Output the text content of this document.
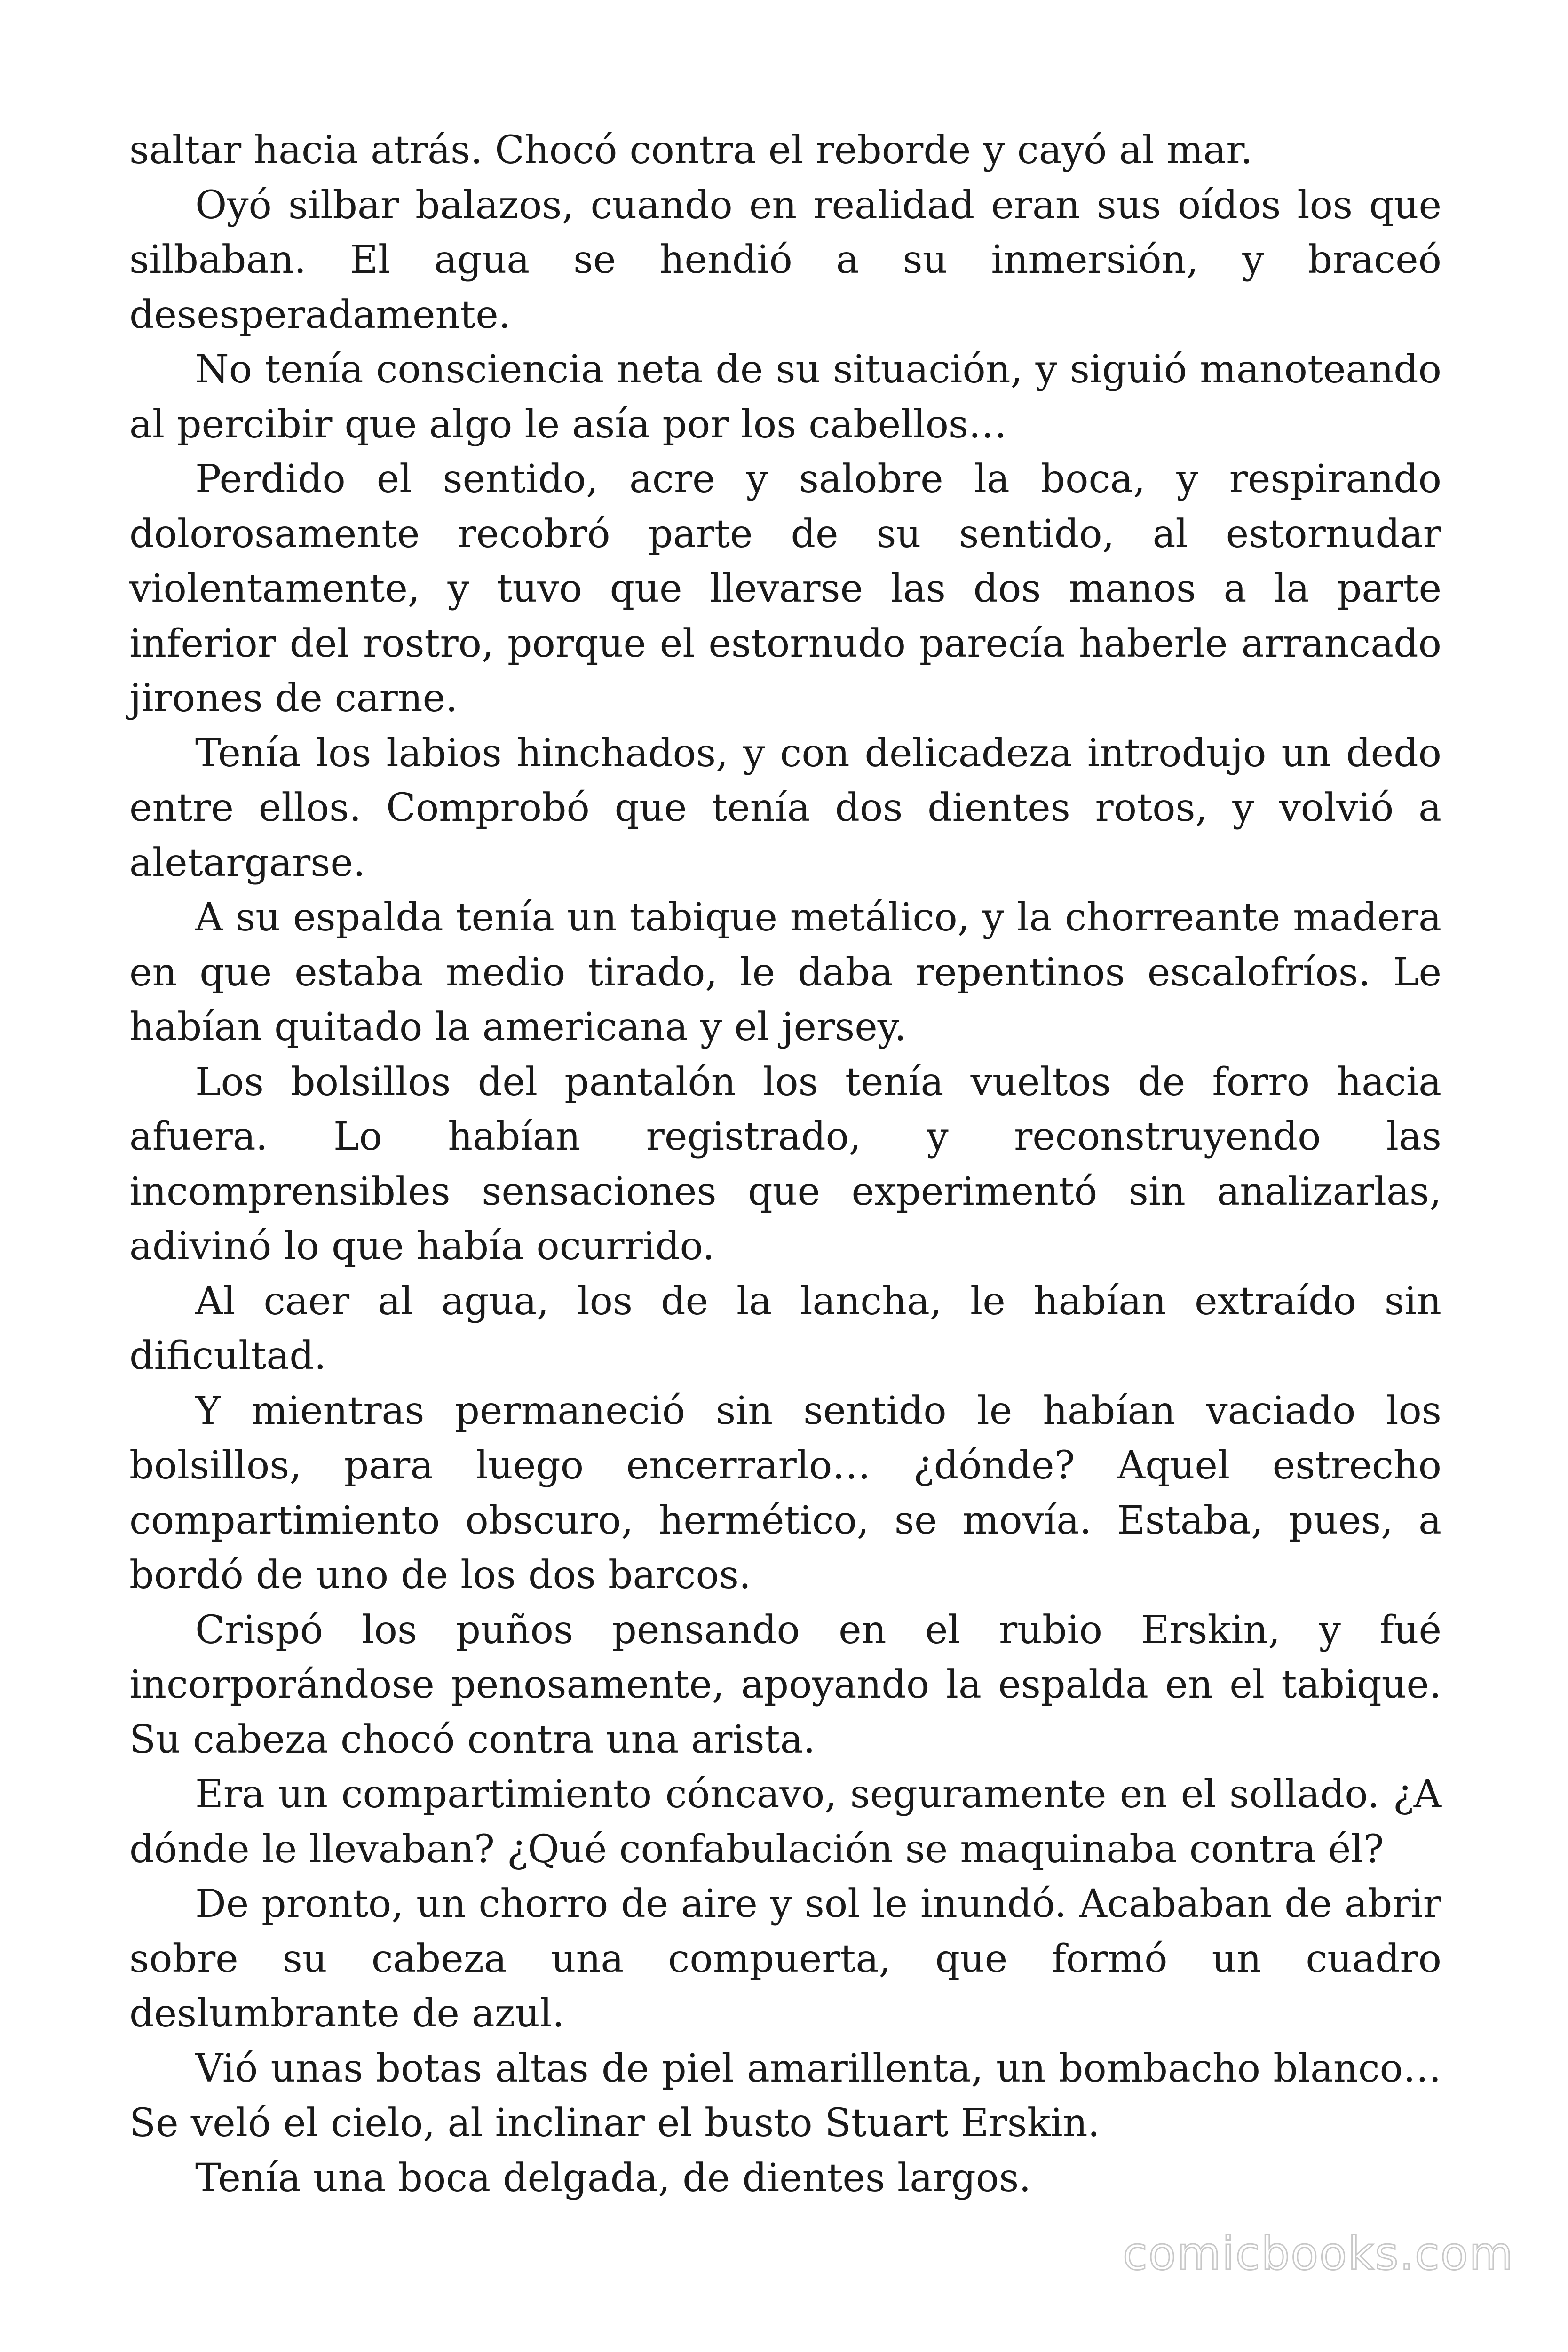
saltar hacia atrás. Chocó contra el reborde y cayó al mar.

Oyó silbar balazos, cuando en realidad eran sus oídos los que silbaban. El agua se hendió a su inmersión, y braceó desesperadamente.

No tenía consciencia neta de su situación, y siguió manoteando al percibir que algo le asía por los cabellos…

Perdido el sentido, acre y salobre la boca, y respirando dolorosamente recobró parte de su sentido, al estornudar violentamente, y tuvo que llevarse las dos manos a la parte inferior del rostro, porque el estornudo parecía haberle arrancado jirones de carne.

Tenía los labios hinchados, y con delicadeza introdujo un dedo entre ellos. Comprobó que tenía dos dientes rotos, y volvió a aletargarse.

A su espalda tenía un tabique metálico, y la chorreante madera en que estaba medio tirado, le daba repentinos escalofríos. Le habían quitado la americana y el jersey.

Los bolsillos del pantalón los tenía vueltos de forro hacia afuera. Lo habían registrado, y reconstruyendo las incomprensibles sensaciones que experimentó sin analizarlas, adivinó lo que había ocurrido.

Al caer al agua, los de la lancha, le habían extraído sin dificultad.

Y mientras permaneció sin sentido le habían vaciado los bolsillos, para luego encerrarlo… ¿dónde? Aquel estrecho compartimiento obscuro, hermético, se movía. Estaba, pues, a bordó de uno de los dos barcos.

Crispó los puños pensando en el rubio Erskin, y fué incorporándose penosamente, apoyando la espalda en el tabique. Su cabeza chocó contra una arista.

Era un compartimiento cóncavo, seguramente en el sollado. ¿A dónde le llevaban? ¿Qué confabulación se maquinaba contra él?

De pronto, un chorro de aire y sol le inundó. Acababan de abrir sobre su cabeza una compuerta, que formó un cuadro deslumbrante de azul.

Vió unas botas altas de piel amarillenta, un bombacho blanco… Se veló el cielo, al inclinar el busto Stuart Erskin.

Tenía una boca delgada, de dientes largos.

comicbooks.com
